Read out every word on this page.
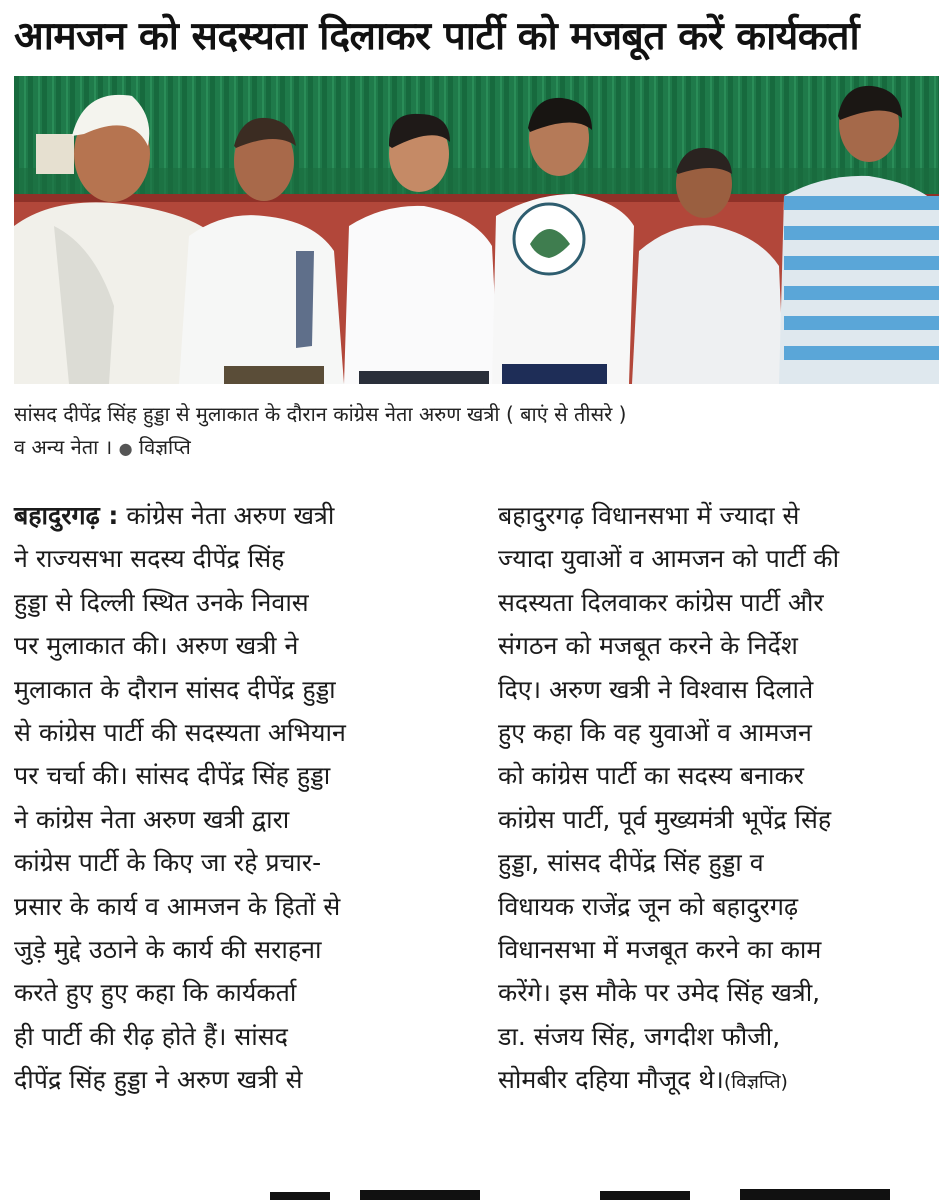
आमजन को सदस्यता दिलाकर पार्टी को मजबूत करें कार्यकर्ता
सांसद दीपेंद्र सिंह हुड्डा से मुलाकात के दौरान कांग्रेस नेता अरुण खत्री ( बाएं से तीसरे )
व अन्य नेता । ● विज्ञप्ति
बहादुरगढ़ : कांग्रेस नेता अरुण खत्री
ने राज्यसभा सदस्य दीपेंद्र सिंह
हुड्डा से दिल्ली स्थित उनके निवास
पर मुलाकात की। अरुण खत्री ने
मुलाकात के दौरान सांसद दीपेंद्र हुड्डा
से कांग्रेस पार्टी की सदस्यता अभियान
पर चर्चा की। सांसद दीपेंद्र सिंह हुड्डा
ने कांग्रेस नेता अरुण खत्री द्वारा
कांग्रेस पार्टी के किए जा रहे प्रचार-
प्रसार के कार्य व आमजन के हितों से
जुड़े मुद्दे उठाने के कार्य की सराहना
करते हुए हुए कहा कि कार्यकर्ता
ही पार्टी की रीढ़ होते हैं। सांसद
दीपेंद्र सिंह हुड्डा ने अरुण खत्री से
बहादुरगढ़ विधानसभा में ज्यादा से
ज्यादा युवाओं व आमजन को पार्टी की
सदस्यता दिलवाकर कांग्रेस पार्टी और
संगठन को मजबूत करने के निर्देश
दिए। अरुण खत्री ने विश्वास दिलाते
हुए कहा कि वह युवाओं व आमजन
को कांग्रेस पार्टी का सदस्य बनाकर
कांग्रेस पार्टी, पूर्व मुख्यमंत्री भूपेंद्र सिंह
हुड्डा, सांसद दीपेंद्र सिंह हुड्डा व
विधायक राजेंद्र जून को बहादुरगढ़
विधानसभा में मजबूत करने का काम
करेंगे। इस मौके पर उमेद सिंह खत्री,
डा. संजय सिंह, जगदीश फौजी,
सोमबीर दहिया मौजूद थे।(विज्ञप्ति)
